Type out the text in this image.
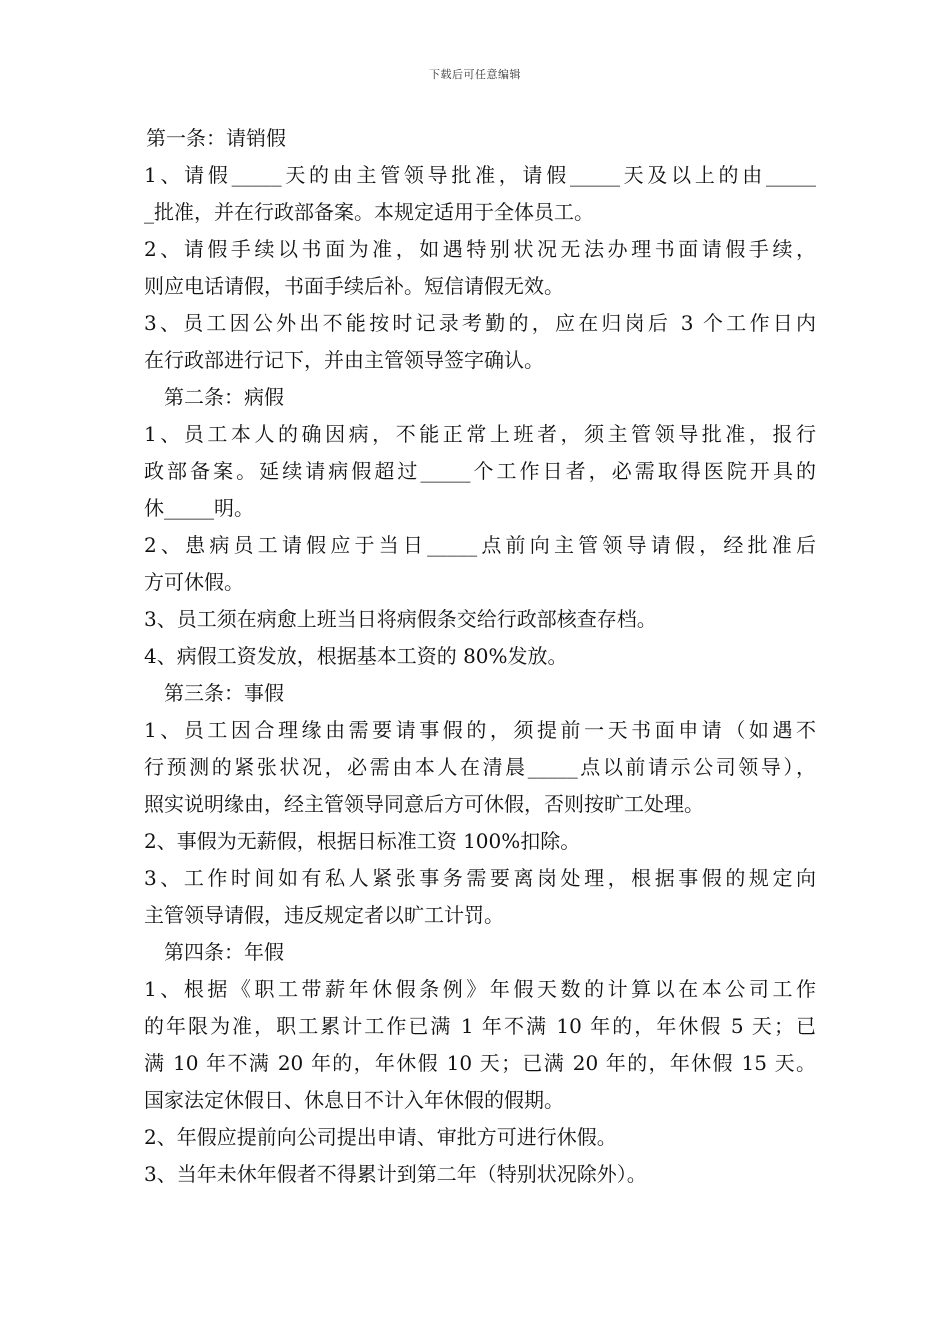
下载后可任意编辑
第一条：请销假
1、请假_____天的由主管领导批准，请假_____天及以上的由_____
_批准，并在行政部备案。本规定适用于全体员工。
2、请假手续以书面为准，如遇特别状况无法办理书面请假手续，
则应电话请假，书面手续后补。短信请假无效。
3、员工因公外出不能按时记录考勤的，应在归岗后 3 个工作日内
在行政部进行记下，并由主管领导签字确认。
第二条：病假
1、员工本人的确因病，不能正常上班者，须主管领导批准，报行
政部备案。延续请病假超过_____个工作日者，必需取得医院开具的
休_____明。
2、患病员工请假应于当日_____点前向主管领导请假，经批准后
方可休假。
3、员工须在病愈上班当日将病假条交给行政部核查存档。
4、病假工资发放，根据基本工资的 80%发放。
第三条：事假
1、员工因合理缘由需要请事假的，须提前一天书面申请（如遇不
行预测的紧张状况，必需由本人在清晨_____点以前请示公司领导），
照实说明缘由，经主管领导同意后方可休假，否则按旷工处理。
2、事假为无薪假，根据日标准工资 100%扣除。
3、工作时间如有私人紧张事务需要离岗处理，根据事假的规定向
主管领导请假，违反规定者以旷工计罚。
第四条：年假
1、根据《职工带薪年休假条例》年假天数的计算以在本公司工作
的年限为准，职工累计工作已满 1 年不满 10 年的，年休假 5 天；已
满 10 年不满 20 年的，年休假 10 天；已满 20 年的，年休假 15 天。
国家法定休假日、休息日不计入年休假的假期。
2、年假应提前向公司提出申请、审批方可进行休假。
3、当年未休年假者不得累计到第二年（特别状况除外）。
